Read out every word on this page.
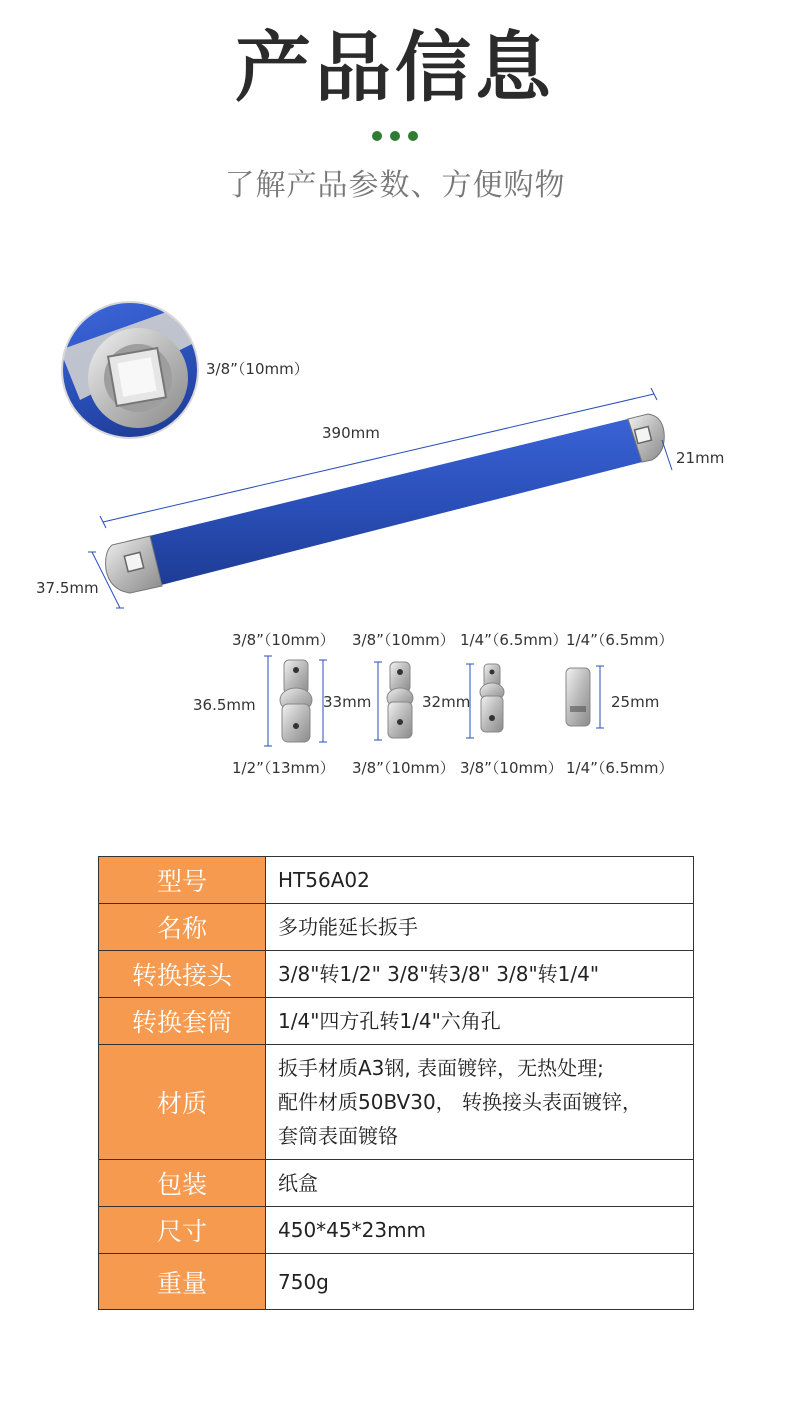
产品信息
了解产品参数、方便购物
3/8”（10mm）
390mm
21mm
37.5mm
3/8”（10mm） 3/8”（10mm） 1/4”（6.5mm）
1/4”（6.5mm）
36.5mm	33mm	32mm	25mm
1/2”（13mm） 3/8”（10mm） 3/8”（10mm） 1/4”（6.5mm）
型号	HT56A02
名称	多功能延长扳手
转换接头	3/8"转1/2" 3/8"转3/8" 3/8"转1/4"
转换套筒	1/4"四方孔转1/4"六角孔
材质	扳手材质A3钢, 表面镀锌，无热处理;
配件材质50BV30， 转换接头表面镀锌，
套筒表面镀铬
包装	纸盒
尺寸	450*45*23mm
重量	750g
